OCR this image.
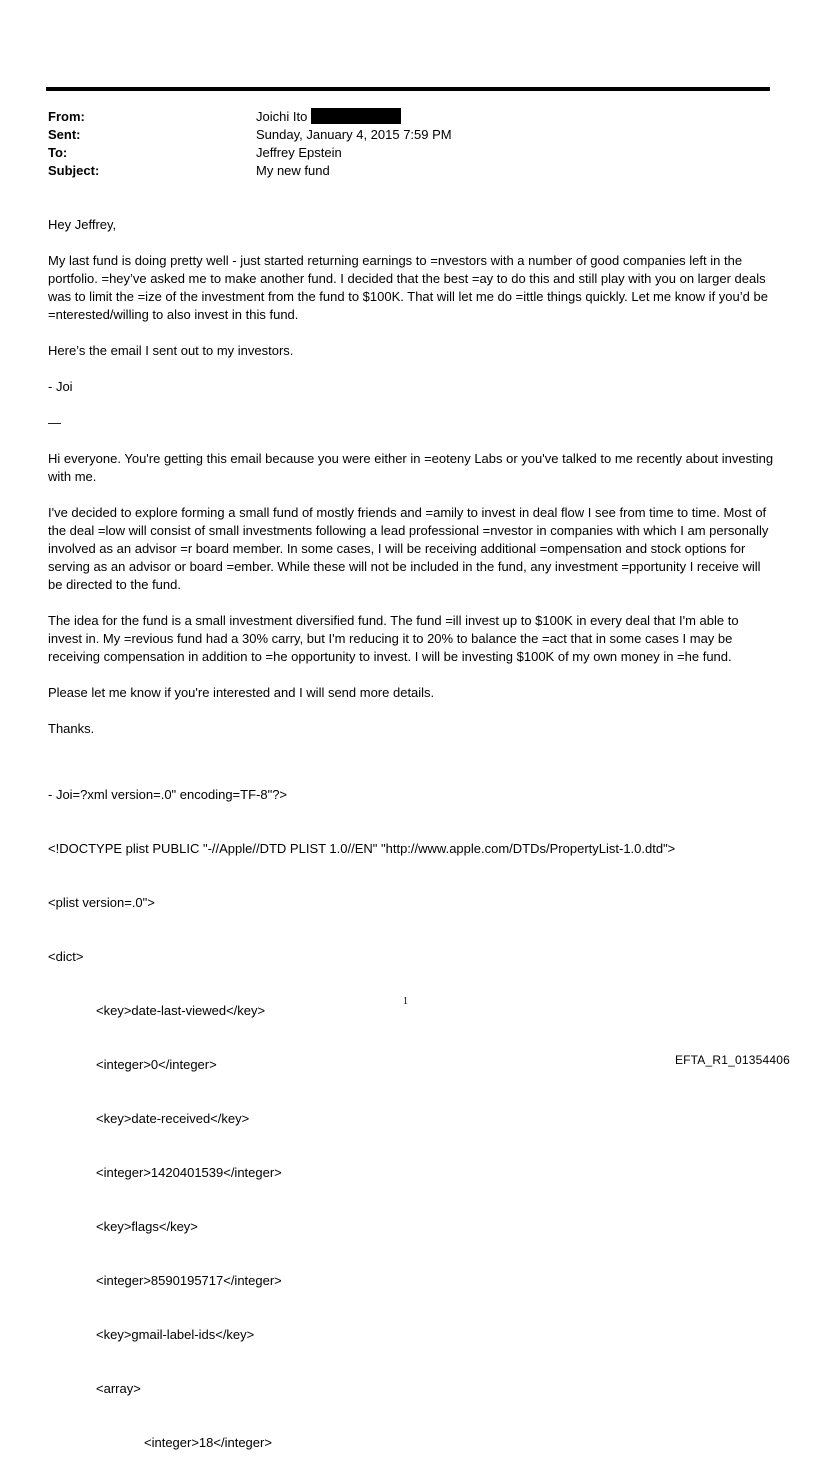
From:	Joichi Ito
Sent:	Sunday, January 4, 2015 7:59 PM
To:	Jeffrey Epstein
Subject:	My new fund

Hey Jeffrey,

My last fund is doing pretty well - just started returning earnings to =nvestors with a number of good companies left in the portfolio. =hey’ve asked me to make another fund. I decided that the best =ay to do this and still play with you on larger deals was to limit the =ize of the investment from the fund to $100K. That will let me do =ittle things quickly. Let me know if you’d be =nterested/willing to also invest in this fund.

Here’s the email I sent out to my investors.

- Joi

—

Hi everyone. You're getting this email because you were either in =eoteny Labs or you've talked to me recently about investing with me.

I've decided to explore forming a small fund of mostly friends and =amily to invest in deal flow I see from time to time. Most of the deal =low will consist of small investments following a lead professional =nvestor in companies with which I am personally involved as an advisor =r board member. In some cases, I will be receiving additional =ompensation and stock options for serving as an advisor or board =ember. While these will not be included in the fund, any investment =pportunity I receive will be directed to the fund.

The idea for the fund is a small investment diversified fund. The fund =ill invest up to $100K in every deal that I'm able to invest in. My =revious fund had a 30% carry, but I'm reducing it to 20% to balance the =act that in some cases I may be receiving compensation in addition to =he opportunity to invest. I will be investing $100K of my own money in =he fund.

Please let me know if you're interested and I will send more details.

Thanks.

- Joi=?xml version=.0" encoding=TF-8"?>

<!DOCTYPE plist PUBLIC "-//Apple//DTD PLIST 1.0//EN" "http://www.apple.com/DTDs/PropertyList-1.0.dtd">

<plist version=.0">

<dict>

<key>date-last-viewed</key>

<integer>0</integer>

<key>date-received</key>

<integer>1420401539</integer>

<key>flags</key>

<integer>8590195717</integer>

<key>gmail-label-ids</key>

<array>

<integer>18</integer>

1
EFTA_R1_01354406
